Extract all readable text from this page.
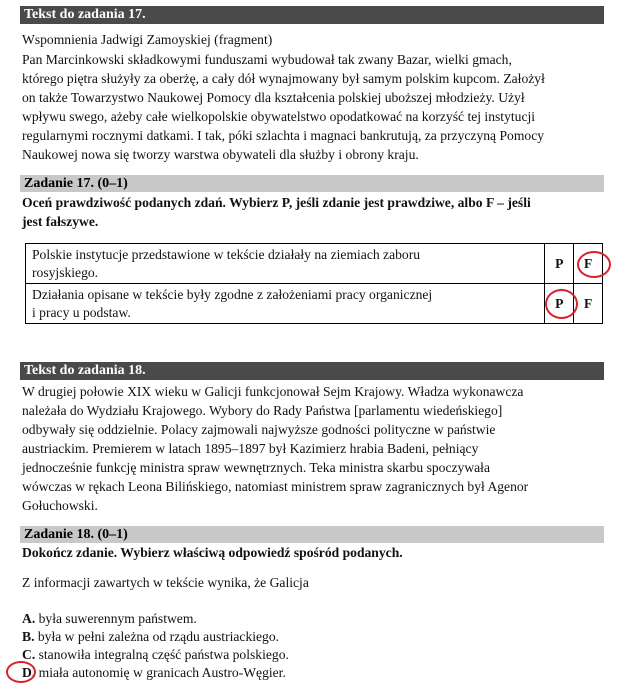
Tekst do zadania 17.
Wspomnienia Jadwigi Zamoyskiej (fragment)
Pan Marcinkowski składkowymi funduszami wybudował tak zwany Bazar, wielki gmach,
którego piętra służyły za oberżę, a cały dół wynajmowany był samym polskim kupcom. Założył
on także Towarzystwo Naukowej Pomocy dla kształcenia polskiej uboższej młodzieży. Użył
wpływu swego, ażeby całe wielkopolskie obywatelstwo opodatkować na korzyść tej instytucji
regularnymi rocznymi datkami. I tak, póki szlachta i magnaci bankrutują, za przyczyną Pomocy
Naukowej nowa się tworzy warstwa obywateli dla służby i obrony kraju.
Zadanie 17. (0–1)
Oceń prawdziwość podanych zdań. Wybierz P, jeśli zdanie jest prawdziwe, albo F – jeśli
jest fałszywe.
Polskie instytucje przedstawione w tekście działały na ziemiach zaboru
rosyjskiego.	P	F

Działania opisane w tekście były zgodne z założeniami pracy organicznej
i pracy u podstaw.	P	F
Tekst do zadania 18.
W drugiej połowie XIX wieku w Galicji funkcjonował Sejm Krajowy. Władza wykonawcza
należała do Wydziału Krajowego. Wybory do Rady Państwa [parlamentu wiedeńskiego]
odbywały się oddzielnie. Polacy zajmowali najwyższe godności polityczne w państwie
austriackim. Premierem w latach 1895–1897 był Kazimierz hrabia Badeni, pełniący
jednocześnie funkcję ministra spraw wewnętrznych. Teka ministra skarbu spoczywała
wówczas w rękach Leona Bilińskiego, natomiast ministrem spraw zagranicznych był Agenor
Gołuchowski.
Zadanie 18. (0–1)
Dokończ zdanie. Wybierz właściwą odpowiedź spośród podanych.
Z informacji zawartych w tekście wynika, że Galicja
A. była suwerennym państwem.
B. była w pełni zależna od rządu austriackiego.
C. stanowiła integralną część państwa polskiego.
D. miała autonomię w granicach Austro-Węgier.
